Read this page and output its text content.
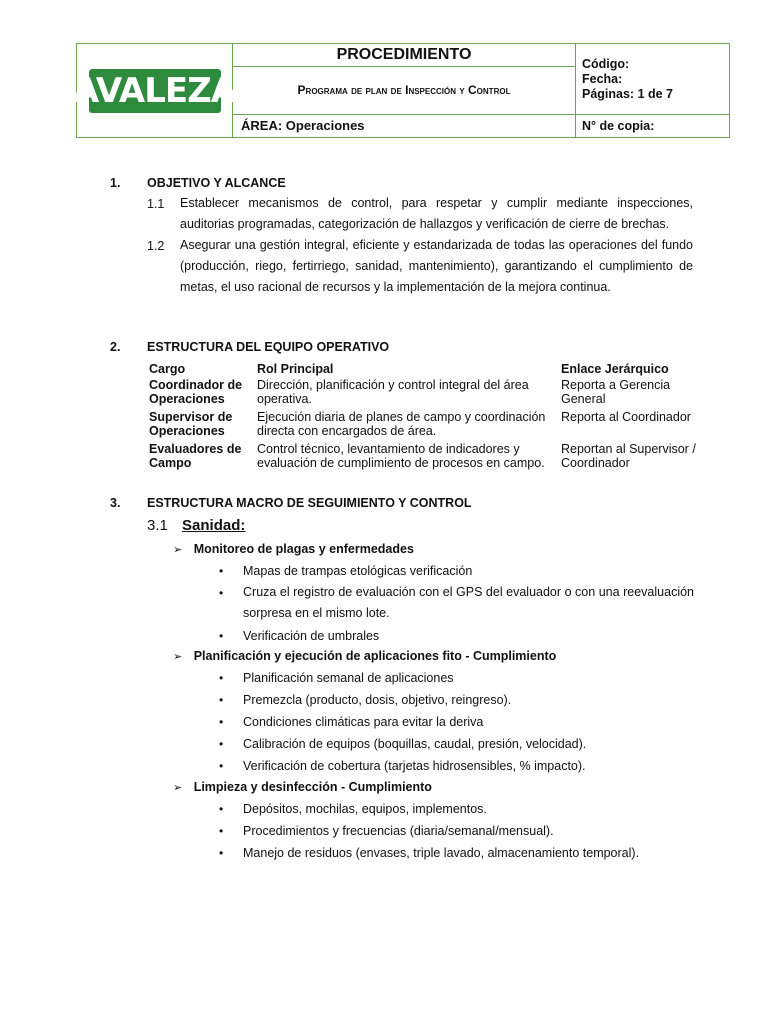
AVALEZA
PROCEDIMIENTO
Programa de plan de Inspección y Control
ÁREA: Operaciones
Código:
Fecha:
Páginas: 1 de 7
N° de copia:
1. OBJETIVO Y ALCANCE
1.1 Establecer mecanismos de control, para respetar y cumplir mediante inspecciones, auditorias programadas, categorización de hallazgos y verificación de cierre de brechas.
1.2 Asegurar una gestión integral, eficiente y estandarizada de todas las operaciones del fundo (producción, riego, fertirriego, sanidad, mantenimiento), garantizando el cumplimiento de metas, el uso racional de recursos y la implementación de la mejora continua.
2. ESTRUCTURA DEL EQUIPO OPERATIVO
Cargo	Rol Principal	Enlace Jerárquico
Coordinador de Operaciones
Dirección, planificación y control integral del área operativa.
Reporta a Gerencia General
Supervisor de Operaciones
Ejecución diaria de planes de campo y coordinación directa con encargados de área.
Reporta al Coordinador
Evaluadores de Campo
Control técnico, levantamiento de indicadores y evaluación de cumplimiento de procesos en campo.
Reportan al Supervisor / Coordinador
3. ESTRUCTURA MACRO DE SEGUIMIENTO Y CONTROL
3.1 Sanidad:
➢ Monitoreo de plagas y enfermedades
• Mapas de trampas etológicas verificación
• Cruza el registro de evaluación con el GPS del evaluador o con una reevaluación sorpresa en el mismo lote.
• Verificación de umbrales
➢ Planificación y ejecución de aplicaciones fito - Cumplimiento
• Planificación semanal de aplicaciones
• Premezcla (producto, dosis, objetivo, reingreso).
• Condiciones climáticas para evitar la deriva
• Calibración de equipos (boquillas, caudal, presión, velocidad).
• Verificación de cobertura (tarjetas hidrosensibles, % impacto).
➢ Limpieza y desinfección - Cumplimiento
• Depósitos, mochilas, equipos, implementos.
• Procedimientos y frecuencias (diaria/semanal/mensual).
• Manejo de residuos (envases, triple lavado, almacenamiento temporal).
